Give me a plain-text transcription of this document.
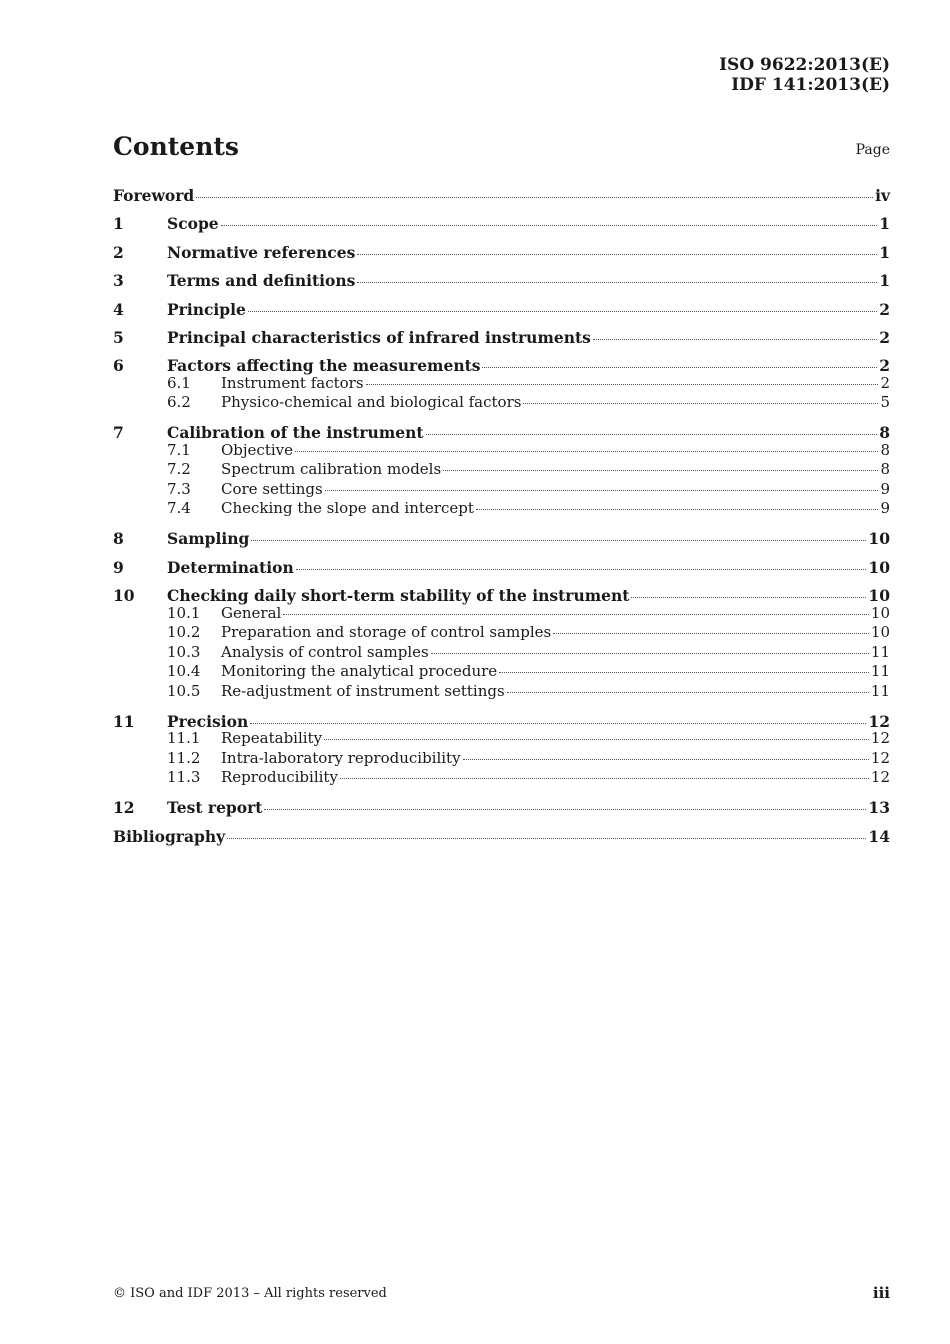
ISO 9622:2013(E)
IDF 141:2013(E)
Contents	Page
Foreword	iv
1	Scope	1
2	Normative references	1
3	Terms and definitions	1
4	Principle	2
5	Principal characteristics of infrared instruments	2
6	Factors affecting the measurements	2
6.1	Instrument factors	2
6.2	Physico-chemical and biological factors	5
7	Calibration of the instrument	8
7.1	Objective	8
7.2	Spectrum calibration models	8
7.3	Core settings	9
7.4	Checking the slope and intercept	9
8	Sampling	10
9	Determination	10
10	Checking daily short-term stability of the instrument	10
10.1	General	10
10.2	Preparation and storage of control samples	10
10.3	Analysis of control samples	11
10.4	Monitoring the analytical procedure	11
10.5	Re-adjustment of instrument settings	11
11	Precision	12
11.1	Repeatability	12
11.2	Intra-laboratory reproducibility	12
11.3	Reproducibility	12
12	Test report	13
Bibliography	14
© ISO and IDF 2013 – All rights reserved	iii
